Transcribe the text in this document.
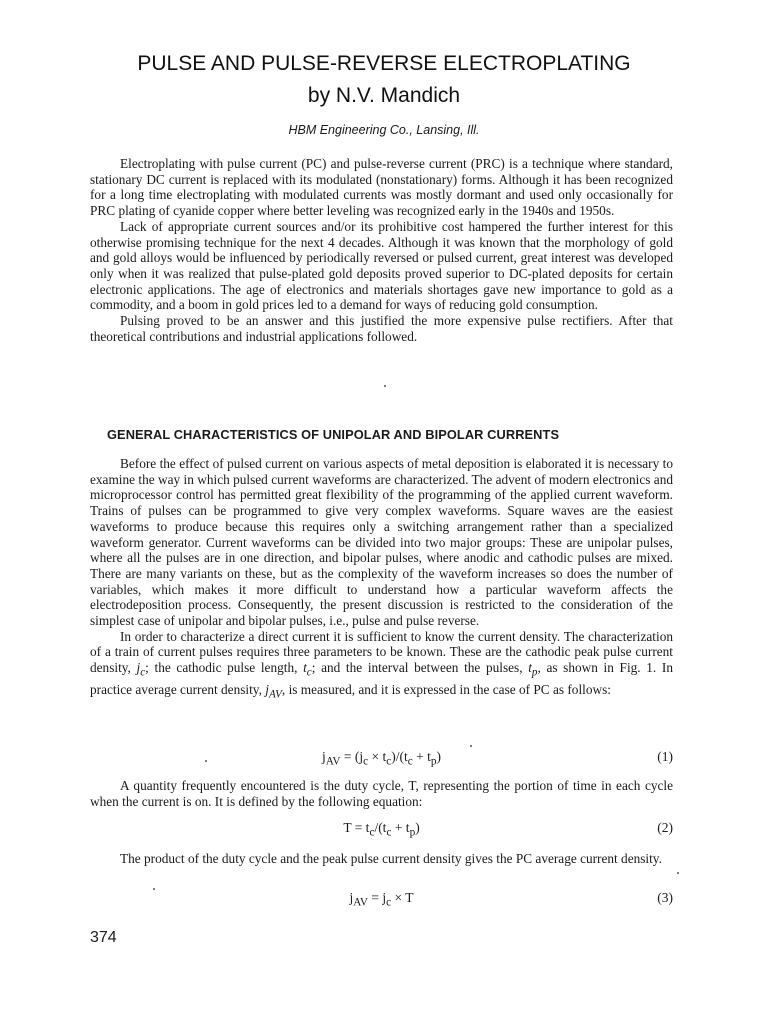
PULSE AND PULSE-REVERSE ELECTROPLATING
by N.V. Mandich
HBM Engineering Co., Lansing, Ill.

Electroplating with pulse current (PC) and pulse-reverse current (PRC) is a technique where standard, stationary DC current is replaced with its modulated (nonstationary) forms. Although it has been recognized for a long time electroplating with modulated currents was mostly dormant and used only occasionally for PRC plating of cyanide copper where better leveling was recognized early in the 1940s and 1950s.

Lack of appropriate current sources and/or its prohibitive cost hampered the further interest for this otherwise promising technique for the next 4 decades. Although it was known that the morphology of gold and gold alloys would be influenced by periodically reversed or pulsed current, great interest was developed only when it was realized that pulse-plated gold deposits proved superior to DC-plated deposits for certain electronic applications. The age of electronics and materials shortages gave new importance to gold as a commodity, and a boom in gold prices led to a demand for ways of reducing gold consumption.

Pulsing proved to be an answer and this justified the more expensive pulse rectifiers. After that theoretical contributions and industrial applications followed.

GENERAL CHARACTERISTICS OF UNIPOLAR AND BIPOLAR CURRENTS

Before the effect of pulsed current on various aspects of metal deposition is elaborated it is necessary to examine the way in which pulsed current waveforms are characterized. The advent of modern electronics and microprocessor control has permitted great flexibility of the programming of the applied current waveform. Trains of pulses can be programmed to give very complex waveforms. Square waves are the easiest waveforms to produce because this requires only a switching arrangement rather than a specialized waveform generator. Current waveforms can be divided into two major groups: These are unipolar pulses, where all the pulses are in one direction, and bipolar pulses, where anodic and cathodic pulses are mixed. There are many variants on these, but as the complexity of the waveform increases so does the number of variables, which makes it more difficult to understand how a particular waveform affects the electrodeposition process. Consequently, the present discussion is restricted to the consideration of the simplest case of unipolar and bipolar pulses, i.e., pulse and pulse reverse.

In order to characterize a direct current it is sufficient to know the current density. The characterization of a train of current pulses requires three parameters to be known. These are the cathodic peak pulse current density, $j_c$; the cathodic pulse length, $t_c$; and the interval between the pulses, $t_p$, as shown in Fig. 1. In practice average current density, $j_{AV}$, is measured, and it is expressed in the case of PC as follows:

$j_{AV} = (j_c \times t_c)/(t_c + t_p)$	(1)

A quantity frequently encountered is the duty cycle, T, representing the portion of time in each cycle when the current is on. It is defined by the following equation:

$T = t_c/(t_c + t_p)$	(2)

The product of the duty cycle and the peak pulse current density gives the PC average current density.

$j_{AV} = j_c \times T$	(3)
374
